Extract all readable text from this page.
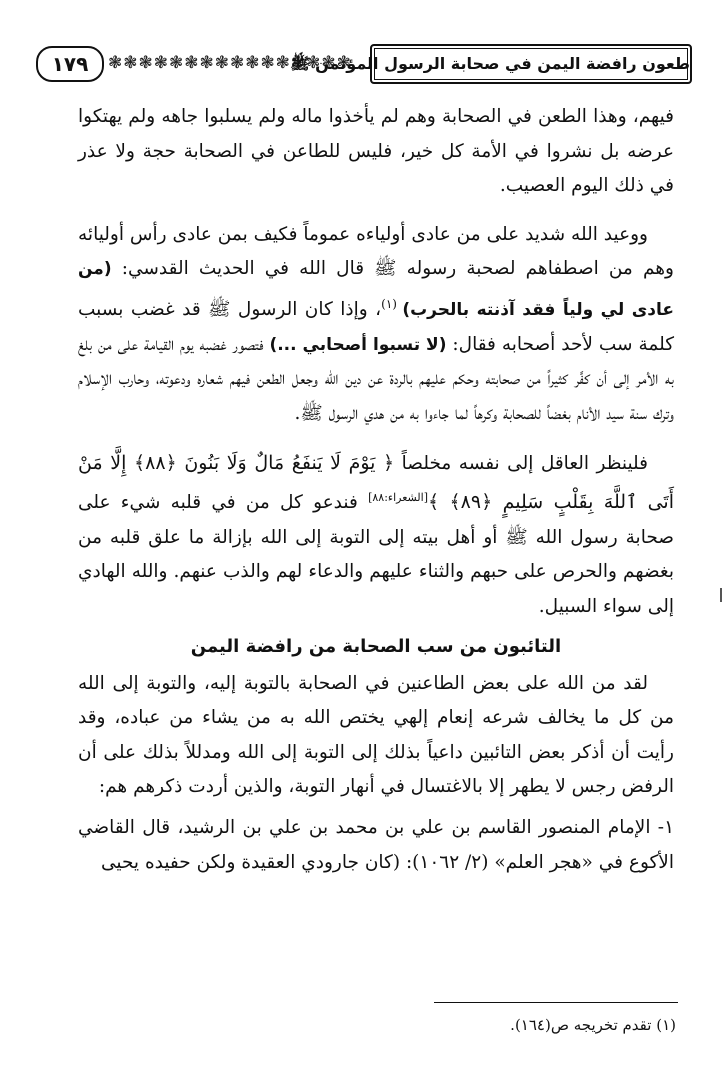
١٧٩	❃❃❃❃❃❃❃❃❃❃❃❃❃❃❃❃
طعون رافضة اليمن في صحابة الرسول المؤتمن ﷺ

فيهم، وهذا الطعن في الصحابة وهم لم يأخذوا ماله ولم يسلبوا جاهه ولم يهتكوا عرضه بل نشروا في الأمة كل خير، فليس للطاعن في الصحابة حجة ولا عذر في ذلك اليوم العصيب.

ووعيد الله شديد على من عادى أولياءه عموماً فكيف بمن عادى رأس أوليائه وهم من اصطفاهم لصحبة رسوله ﷺ قال الله في الحديث القدسي: (من عادى لي ولياً فقد آذنته بالحرب) $^{(١)}$، وإذا كان الرسول ﷺ قد غضب بسبب كلمة سب لأحد أصحابه فقال: (لا تسبوا أصحابي ...) فتصور غضبه يوم القيامة على من بلغ به الأمر إلى أن كفَّر كثيراً من صحابته وحكم عليهم بالردة عن دين الله وجعل الطعن فيهم شعاره ودعوته، وحارب الإسلام وترك سنة سيد الأنام بغضاً للصحابة وكرهاً لما جاءوا به من هدي الرسول ﷺ.

فلينظر العاقل إلى نفسه مخلصاً ﴿ يَوْمَ لَا يَنفَعُ مَالٌ وَلَا بَنُونَ ﴿٨٨﴾ إِلَّا مَنْ أَتَى ٱللَّهَ بِقَلْبٍ سَلِيمٍ ﴿٨٩﴾ ﴾[الشعراء:٨٨] فندعو كل من في قلبه شيء على صحابة رسول الله ﷺ أو أهل بيته إلى التوبة إلى الله بإزالة ما علق قلبه من بغضهم والحرص على حبهم والثناء عليهم والدعاء لهم والذب عنهم. والله الهادي إلى سواء السبيل.

التائبون من سب الصحابة من رافضة اليمن

لقد من الله على بعض الطاعنين في الصحابة بالتوبة إليه، والتوبة إلى الله من كل ما يخالف شرعه إنعام إلهي يختص الله به من يشاء من عباده، وقد رأيت أن أذكر بعض التائبين داعياً بذلك إلى التوبة إلى الله ومدللاً بذلك على أن الرفض رجس لا يطهر إلا بالاغتسال في أنهار التوبة، والذين أردت ذكرهم هم:

١- الإمام المنصور القاسم بن علي بن محمد بن علي بن الرشيد، قال القاضي الأكوع في «هجر العلم» (٢/ ١٠٦٢): (كان جارودي العقيدة ولكن حفيده يحيى

(١) تقدم تخريجه ص(١٦٤).
